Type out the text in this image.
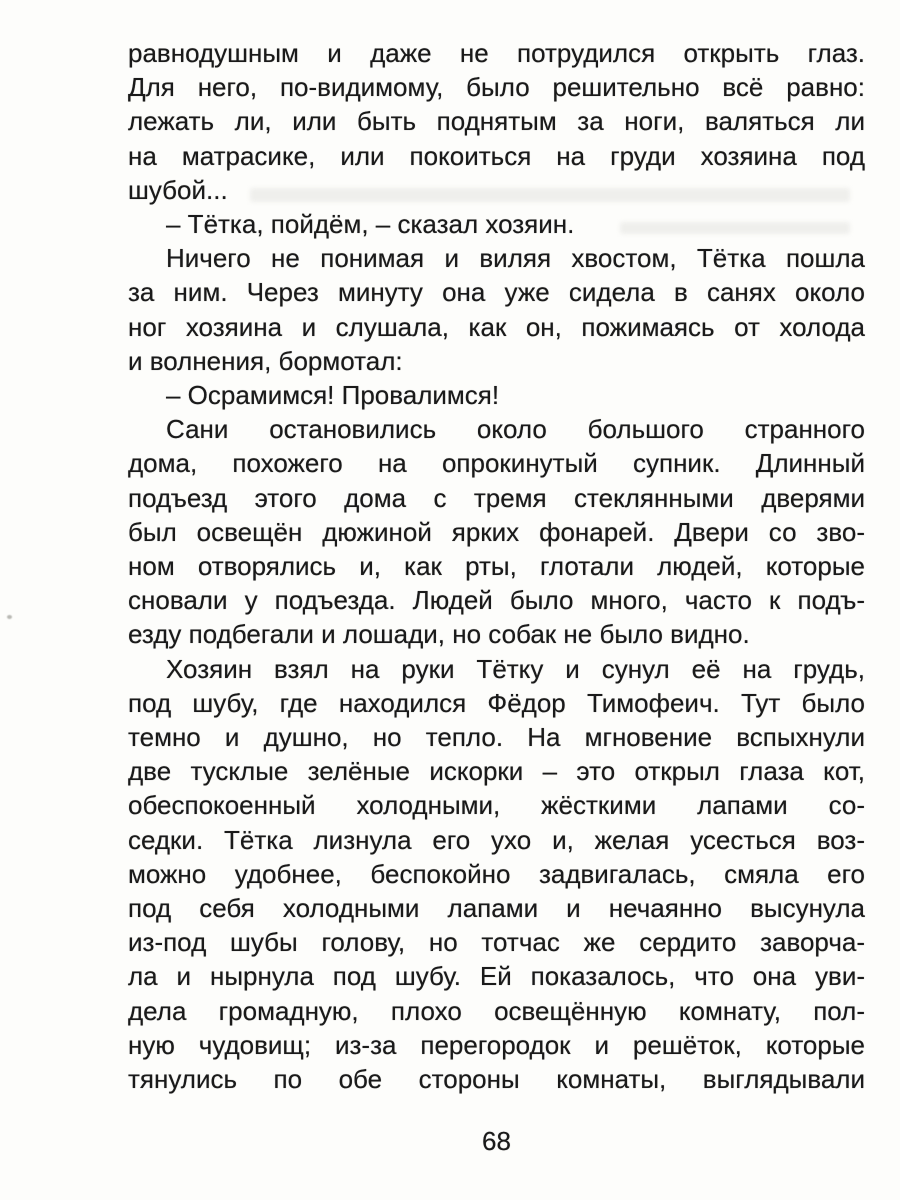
равнодушным и даже не потрудился открыть глаз.
Для него, по-видимому, было решительно всё равно:
лежать ли, или быть поднятым за ноги, валяться ли
на матрасике, или покоиться на груди хозяина под
шубой...
– Тётка, пойдём, – сказал хозяин.
Ничего не понимая и виляя хвостом, Тётка пошла
за ним. Через минуту она уже сидела в санях около
ног хозяина и слушала, как он, пожимаясь от холода
и волнения, бормотал:
– Осрамимся! Провалимся!
Сани остановились около большого странного
дома, похожего на опрокинутый супник. Длинный
подъезд этого дома с тремя стеклянными дверями
был освещён дюжиной ярких фонарей. Двери со зво-
ном отворялись и, как рты, глотали людей, которые
сновали у подъезда. Людей было много, часто к подъ-
езду подбегали и лошади, но собак не было видно.
Хозяин взял на руки Тётку и сунул её на грудь,
под шубу, где находился Фёдор Тимофеич. Тут было
темно и душно, но тепло. На мгновение вспыхнули
две тусклые зелёные искорки – это открыл глаза кот,
обеспокоенный холодными, жёсткими лапами со-
седки. Тётка лизнула его ухо и, желая усесться воз-
можно удобнее, беспокойно задвигалась, смяла его
под себя холодными лапами и нечаянно высунула
из-под шубы голову, но тотчас же сердито заворча-
ла и нырнула под шубу. Ей показалось, что она уви-
дела громадную, плохо освещённую комнату, пол-
ную чудовищ; из-за перегородок и решёток, которые
тянулись по обе стороны комнаты, выглядывали
68
